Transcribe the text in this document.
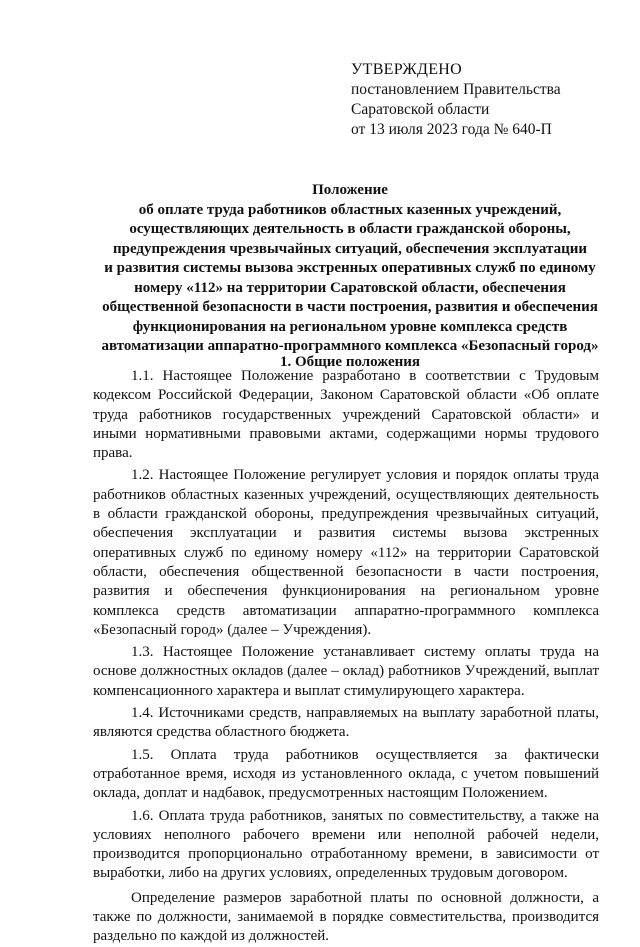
УТВЕРЖДЕНО
постановлением Правительства
Саратовской области
от 13 июля 2023 года № 640-П
Положение
об оплате труда работников областных казенных учреждений,
осуществляющих деятельность в области гражданской обороны,
предупреждения чрезвычайных ситуаций, обеспечения эксплуатации
и развития системы вызова экстренных оперативных служб по единому
номеру «112» на территории Саратовской области, обеспечения
общественной безопасности в части построения, развития и обеспечения
функционирования на региональном уровне комплекса средств
автоматизации аппаратно-программного комплекса «Безопасный город»
1. Общие положения

1.1. Настоящее Положение разработано в соответствии с Трудовым кодексом Российской Федерации, Законом Саратовской области «Об оплате труда работников государственных учреждений Саратовской области» и иными нормативными правовыми актами, содержащими нормы трудового права.

1.2. Настоящее Положение регулирует условия и порядок оплаты труда работников областных казенных учреждений, осуществляющих деятельность в области гражданской обороны, предупреждения чрезвычайных ситуаций, обеспечения эксплуатации и развития системы вызова экстренных оперативных служб по единому номеру «112» на территории Саратовской области, обеспечения общественной безопасности в части построения, развития и обеспечения функционирования на региональном уровне комплекса средств автоматизации аппаратно-программного комплекса «Безопасный город» (далее – Учреждения).

1.3. Настоящее Положение устанавливает систему оплаты труда на основе должностных окладов (далее – оклад) работников Учреждений, выплат компенсационного характера и выплат стимулирующего характера.

1.4. Источниками средств, направляемых на выплату заработной платы, являются средства областного бюджета.

1.5. Оплата труда работников осуществляется за фактически отработанное время, исходя из установленного оклада, с учетом повышений оклада, доплат и надбавок, предусмотренных настоящим Положением.

1.6. Оплата труда работников, занятых по совместительству, а также на условиях неполного рабочего времени или неполной рабочей недели, производится пропорционально отработанному времени, в зависимости от выработки, либо на других условиях, определенных трудовым договором.

Определение размеров заработной платы по основной должности, а также по должности, занимаемой в порядке совместительства, производится раздельно по каждой из должностей.
